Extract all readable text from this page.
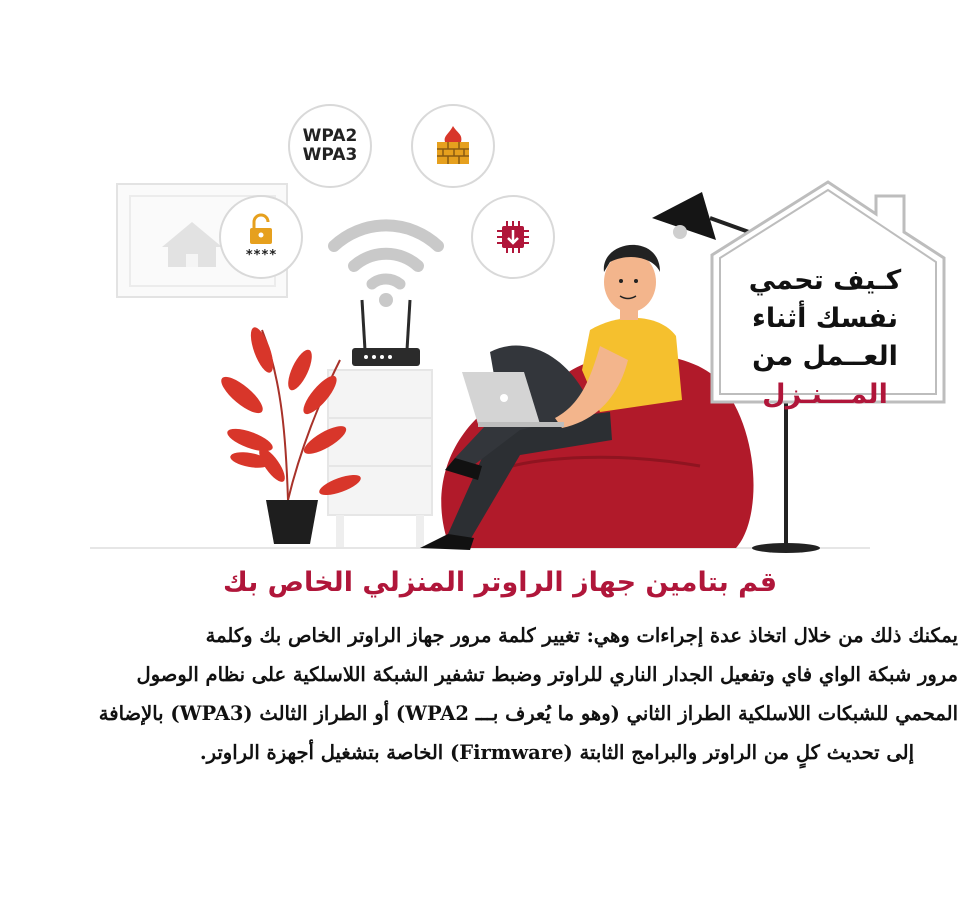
WPA2
WPA3
****
كـيف تحمي
نفسك أثناء
العــمل من
المـــنـزل
قم بتامين جهاز الراوتر المنزلي الخاص بك
يمكنك ذلك من خلال اتخاذ عدة إجراءات وهي: تغيير كلمة مرور جهاز الراوتر الخاص بك وكلمة
مرور شبكة الواي فاي وتفعيل الجدار الناري للراوتر وضبط تشفير الشبكة اللاسلكية على نظام الوصول
المحمي للشبكات اللاسلكية الطراز الثاني (وهو ما يُعرف بـــ WPA2) أو الطراز الثالث (WPA3) بالإضافة
إلى تحديث كلٍ من الراوتر والبرامج الثابتة (Firmware) الخاصة بتشغيل أجهزة الراوتر.
